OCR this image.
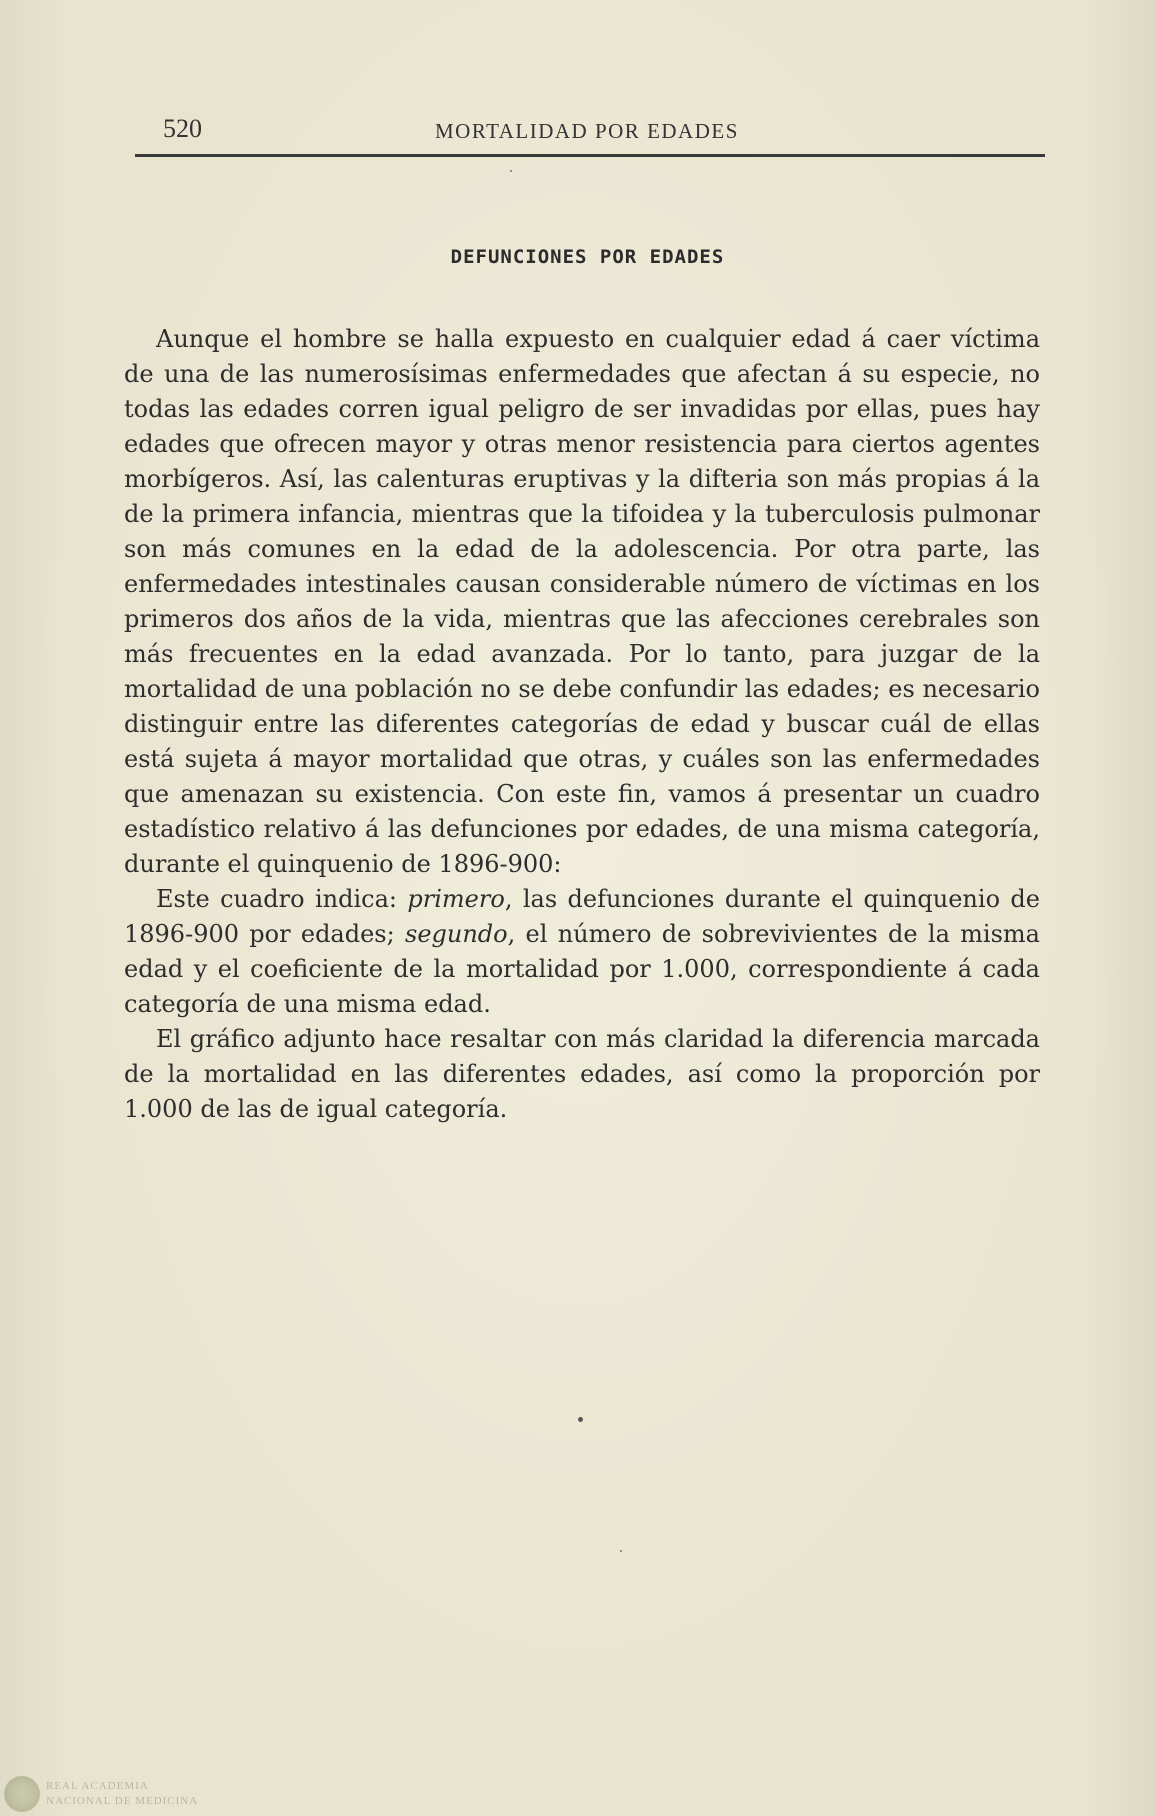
520	MORTALIDAD POR EDADES
DEFUNCIONES POR EDADES

Aunque el hombre se halla expuesto en cualquier edad á caer víctima de una de las numerosísimas enfermedades que afectan á su especie, no todas las edades corren igual peligro de ser invadidas por ellas, pues hay edades que ofrecen mayor y otras menor resistencia para ciertos agentes morbígeros. Así, las calenturas eruptivas y la difteria son más propias á la de la primera infancia, mientras que la tifoidea y la tuberculosis pulmonar son más comunes en la edad de la adolescencia. Por otra parte, las enfermedades intestinales causan considerable número de víctimas en los primeros dos años de la vida, mientras que las afecciones cerebrales son más frecuentes en la edad avanzada. Por lo tanto, para juzgar de la mortalidad de una población no se debe confundir las edades; es necesario distinguir entre las diferentes categorías de edad y buscar cuál de ellas está sujeta á mayor mortalidad que otras, y cuáles son las enfermedades que amenazan su existencia. Con este fin, vamos á presentar un cuadro estadístico relativo á las defunciones por edades, de una misma categoría, durante el quinquenio de 1896-900:

Este cuadro indica: primero, las defunciones durante el quinquenio de 1896-900 por edades; segundo, el número de sobrevivientes de la misma edad y el coeficiente de la mortalidad por 1.000, correspondiente á cada categoría de una misma edad.

El gráfico adjunto hace resaltar con más claridad la diferencia marcada de la mortalidad en las diferentes edades, así como la proporción por 1.000 de las de igual categoría.

REAL ACADEMIA
NACIONAL DE MEDICINA
